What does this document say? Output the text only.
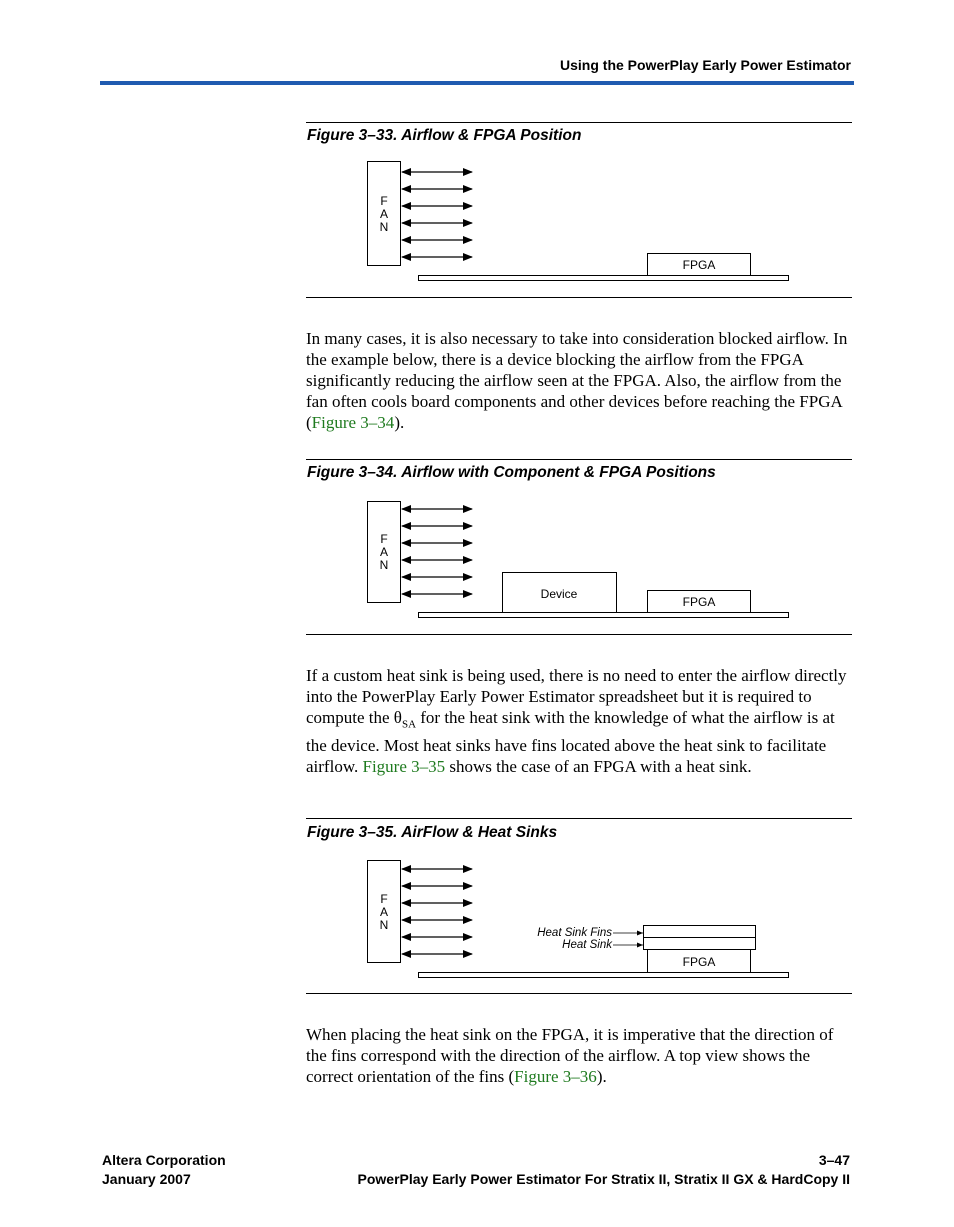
Using the PowerPlay Early Power Estimator
Figure 3–33. Airflow & FPGA Position
F
A
N
FPGA
In many cases, it is also necessary to take into consideration blocked airflow. In the example below, there is a device blocking the airflow from the FPGA significantly reducing the airflow seen at the FPGA. Also, the airflow from the fan often cools board components and other devices before reaching the FPGA (Figure 3–34).
Figure 3–34. Airflow with Component & FPGA Positions
F
A
N
Device
FPGA
If a custom heat sink is being used, there is no need to enter the airflow directly into the PowerPlay Early Power Estimator spreadsheet but it is required to compute the $\theta_{SA}$ for the heat sink with the knowledge of what the airflow is at the device. Most heat sinks have fins located above the heat sink to facilitate airflow. Figure 3–35 shows the case of an FPGA with a heat sink.
Figure 3–35. AirFlow & Heat Sinks
F
A
N
Heat Sink Fins
Heat Sink
FPGA
When placing the heat sink on the FPGA, it is imperative that the direction of the fins correspond with the direction of the airflow. A top view shows the correct orientation of the fins (Figure 3–36).
Altera Corporation
January 2007
3–47
PowerPlay Early Power Estimator For Stratix II, Stratix II GX & HardCopy II
